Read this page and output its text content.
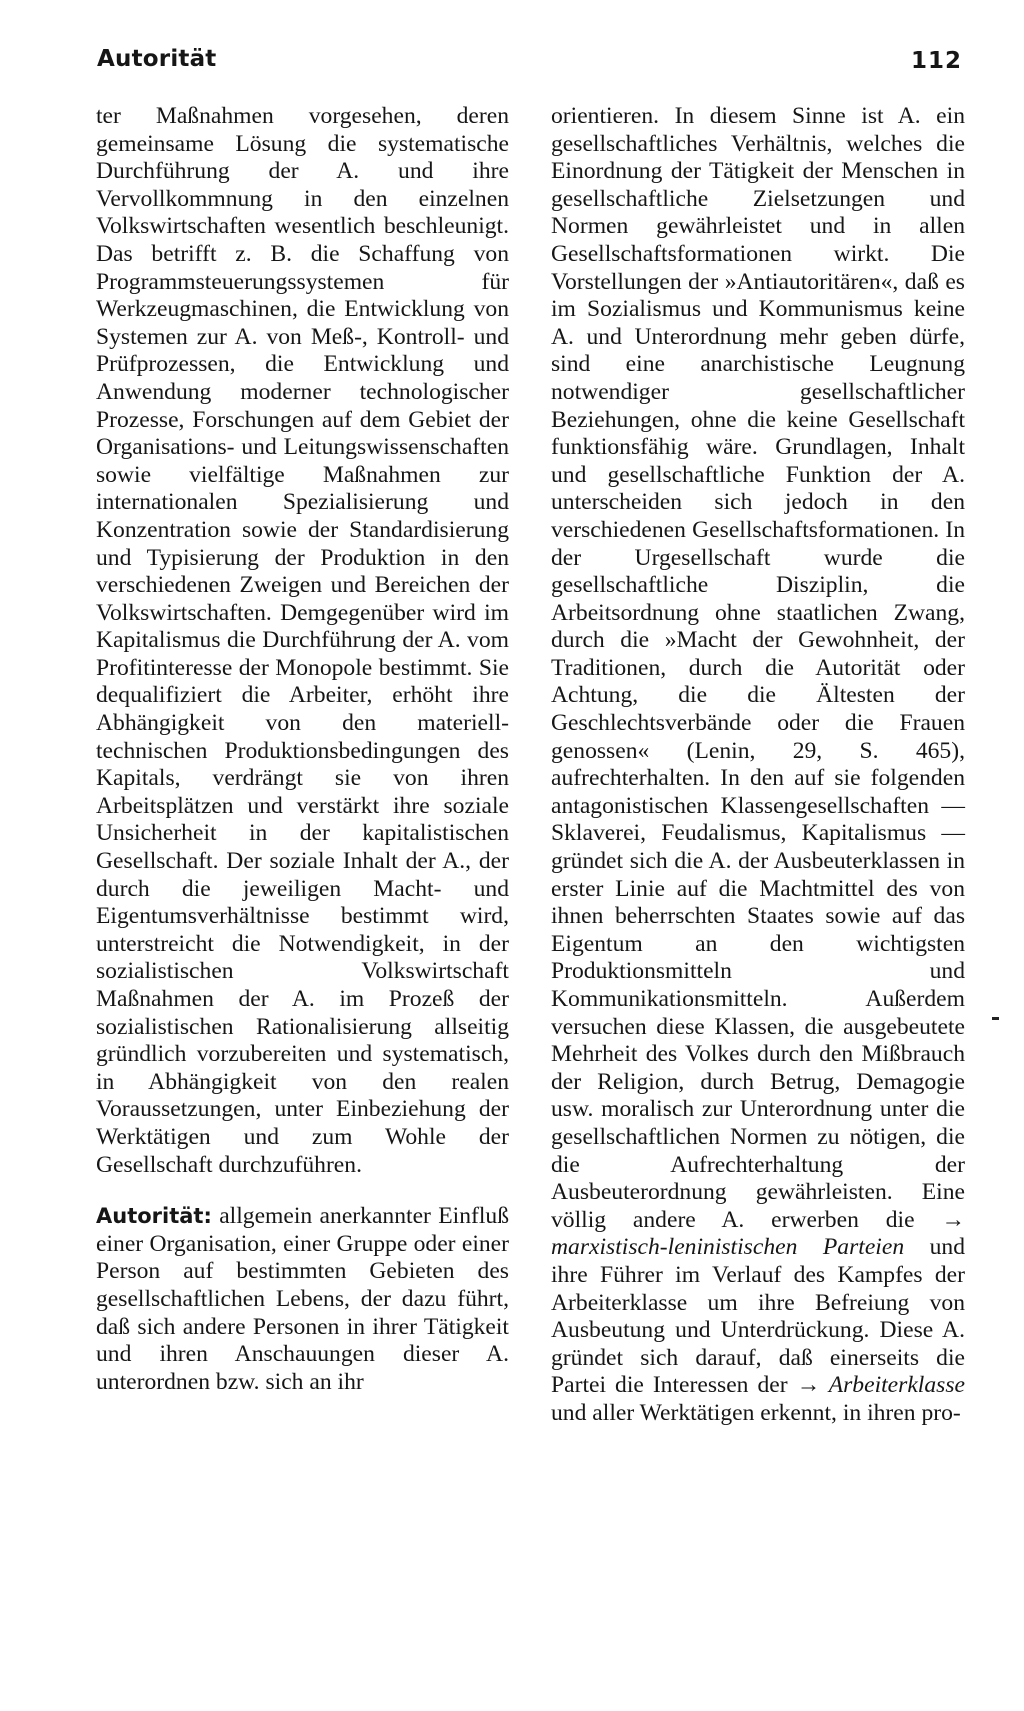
Autorität	112

ter Maßnahmen vorgesehen, deren gemeinsame Lösung die systematische Durchführung der A. und ihre Vervollkommnung in den einzelnen Volkswirtschaften wesentlich beschleunigt. Das betrifft z. B. die Schaffung von Programmsteuerungssystemen für Werkzeugmaschinen, die Entwicklung von Systemen zur A. von Meß-, Kontroll- und Prüfprozessen, die Entwicklung und Anwendung moderner technologischer Prozesse, Forschungen auf dem Gebiet der Organisations- und Leitungswissenschaften sowie vielfältige Maßnahmen zur internationalen Spezialisierung und Konzentration sowie der Standardisierung und Typisierung der Produktion in den verschiedenen Zweigen und Bereichen der Volkswirtschaften. Demgegenüber wird im Kapitalismus die Durchführung der A. vom Profitinteresse der Monopole bestimmt. Sie dequalifiziert die Arbeiter, erhöht ihre Abhängigkeit von den materiell-technischen Produktionsbedingungen des Kapitals, verdrängt sie von ihren Arbeitsplätzen und verstärkt ihre soziale Unsicherheit in der kapitalistischen Gesellschaft. Der soziale Inhalt der A., der durch die jeweiligen Macht- und Eigentumsverhältnisse bestimmt wird, unterstreicht die Notwendigkeit, in der sozialistischen Volkswirtschaft Maßnahmen der A. im Prozeß der sozialistischen Rationalisierung allseitig gründlich vorzubereiten und systematisch, in Abhängigkeit von den realen Voraussetzungen, unter Einbeziehung der Werktätigen und zum Wohle der Gesellschaft durchzuführen.

Autorität: allgemein anerkannter Einfluß einer Organisation, einer Gruppe oder einer Person auf bestimmten Gebieten des gesellschaftlichen Lebens, der dazu führt, daß sich andere Personen in ihrer Tätigkeit und ihren Anschauungen dieser A. unterordnen bzw. sich an ihr

orientieren. In diesem Sinne ist A. ein gesellschaftliches Verhältnis, welches die Einordnung der Tätigkeit der Menschen in gesellschaftliche Zielsetzungen und Normen gewährleistet und in allen Gesellschaftsformationen wirkt. Die Vorstellungen der »Antiautoritären«, daß es im Sozialismus und Kommunismus keine A. und Unterordnung mehr geben dürfe, sind eine anarchistische Leugnung notwendiger gesellschaftlicher Beziehungen, ohne die keine Gesellschaft funktionsfähig wäre. Grundlagen, Inhalt und gesellschaftliche Funktion der A. unterscheiden sich jedoch in den verschiedenen Gesellschaftsformationen. In der Urgesellschaft wurde die gesellschaftliche Disziplin, die Arbeitsordnung ohne staatlichen Zwang, durch die »Macht der Gewohnheit, der Traditionen, durch die Autorität oder Achtung, die die Ältesten der Geschlechtsverbände oder die Frauen genossen« (Lenin, 29, S. 465), aufrechterhalten. In den auf sie folgenden antagonistischen Klassengesellschaften — Sklaverei, Feudalismus, Kapitalismus — gründet sich die A. der Ausbeuterklassen in erster Linie auf die Machtmittel des von ihnen beherrschten Staates sowie auf das Eigentum an den wichtigsten Produktionsmitteln und Kommunikationsmitteln. Außerdem versuchen diese Klassen, die ausgebeutete Mehrheit des Volkes durch den Mißbrauch der Religion, durch Betrug, Demagogie usw. moralisch zur Unterordnung unter die gesellschaftlichen Normen zu nötigen, die die Aufrechterhaltung der Ausbeuterordnung gewährleisten. Eine völlig andere A. erwerben die → marxistisch-leninistischen Parteien und ihre Führer im Verlauf des Kampfes der Arbeiterklasse um ihre Befreiung von Ausbeutung und Unterdrückung. Diese A. gründet sich darauf, daß einerseits die Partei die Interessen der → Arbeiterklasse und aller Werktätigen erkennt, in ihren pro-
